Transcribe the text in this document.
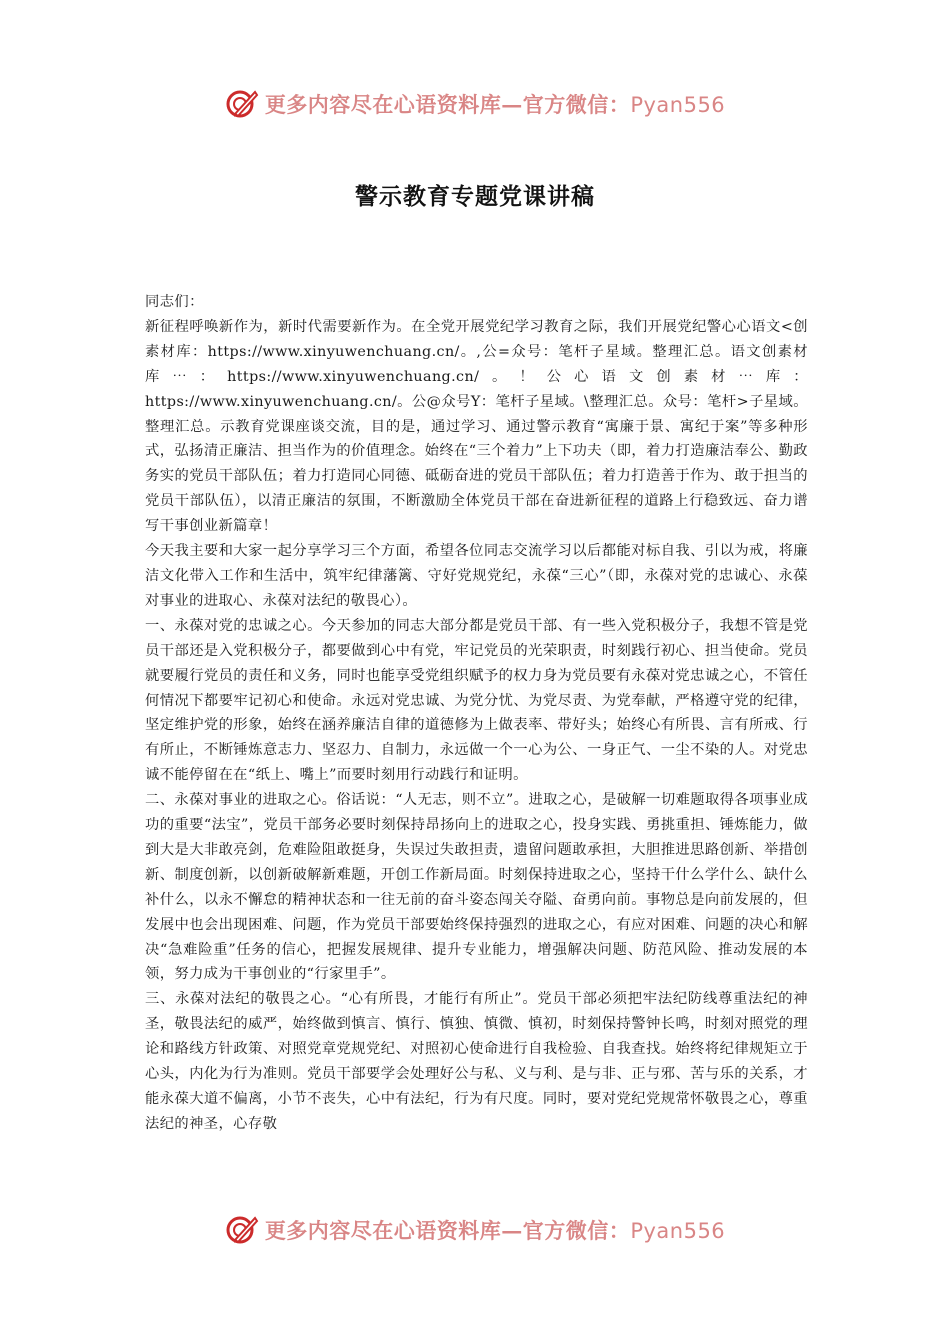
更多内容尽在心语资料库—官方微信：Pyan556
警示教育专题党课讲稿

同志们：

新征程呼唤新作为，新时代需要新作为。在全党开展党纪学习教育之际，我们开展党纪警心心语文<创素材库：https://www.xinyuwenchuang.cn/。,公=众号：笔杆子星域。整理汇总。语文创素材库⋯：https://www.xinyuwenchuang.cn/。！公心语文创素材⋯库：https://www.xinyuwenchuang.cn/。公@众号Y：笔杆子星域。\整理汇总。众号：笔杆>子星域。整理汇总。示教育党课座谈交流，目的是，通过学习、通过警示教育“寓廉于景、寓纪于案”等多种形式，弘扬清正廉洁、担当作为的价值理念。始终在“三个着力”上下功夫（即，着力打造廉洁奉公、勤政务实的党员干部队伍；着力打造同心同德、砥砺奋进的党员干部队伍；着力打造善于作为、敢于担当的党员干部队伍），以清正廉洁的氛围，不断激励全体党员干部在奋进新征程的道路上行稳致远、奋力谱写干事创业新篇章！

今天我主要和大家一起分享学习三个方面，希望各位同志交流学习以后都能对标自我、引以为戒，将廉洁文化带入工作和生活中，筑牢纪律藩篱、守好党规党纪，永葆“三心”（即，永葆对党的忠诚心、永葆对事业的进取心、永葆对法纪的敬畏心）。

一、永葆对党的忠诚之心。今天参加的同志大部分都是党员干部、有一些入党积极分子，我想不管是党员干部还是入党积极分子，都要做到心中有党，牢记党员的光荣职责，时刻践行初心、担当使命。党员就要履行党员的责任和义务，同时也能享受党组织赋予的权力身为党员要有永葆对党忠诚之心，不管任何情况下都要牢记初心和使命。永远对党忠诚、为党分忧、为党尽责、为党奉献，严格遵守党的纪律，坚定维护党的形象，始终在涵养廉洁自律的道德修为上做表率、带好头；始终心有所畏、言有所戒、行有所止，不断锤炼意志力、坚忍力、自制力，永远做一个一心为公、一身正气、一尘不染的人。对党忠诚不能停留在在“纸上、嘴上”而要时刻用行动践行和证明。

二、永葆对事业的进取之心。俗话说：“人无志，则不立”。进取之心，是破解一切难题取得各项事业成功的重要“法宝”，党员干部务必要时刻保持昂扬向上的进取之心，投身实践、勇挑重担、锤炼能力，做到大是大非敢亮剑，危难险阻敢挺身，失误过失敢担责，遗留问题敢承担，大胆推进思路创新、举措创新、制度创新，以创新破解新难题，开创工作新局面。时刻保持进取之心，坚持干什么学什么、缺什么补什么，以永不懈怠的精神状态和一往无前的奋斗姿态闯关夺隘、奋勇向前。事物总是向前发展的，但发展中也会出现困难、问题，作为党员干部要始终保持强烈的进取之心，有应对困难、问题的决心和解决“急难险重”任务的信心，把握发展规律、提升专业能力，增强解决问题、防范风险、推动发展的本领，努力成为干事创业的“行家里手”。

三、永葆对法纪的敬畏之心。“心有所畏，才能行有所止”。党员干部必须把牢法纪防线尊重法纪的神圣，敬畏法纪的威严，始终做到慎言、慎行、慎独、慎微、慎初，时刻保持警钟长鸣，时刻对照党的理论和路线方针政策、对照党章党规党纪、对照初心使命进行自我检验、自我查找。始终将纪律规矩立于心头，内化为行为准则。党员干部要学会处理好公与私、义与利、是与非、正与邪、苦与乐的关系，才能永葆大道不偏离，小节不丧失，心中有法纪，行为有尺度。同时，要对党纪党规常怀敬畏之心，尊重法纪的神圣，心存敬

更多内容尽在心语资料库—官方微信：Pyan556
